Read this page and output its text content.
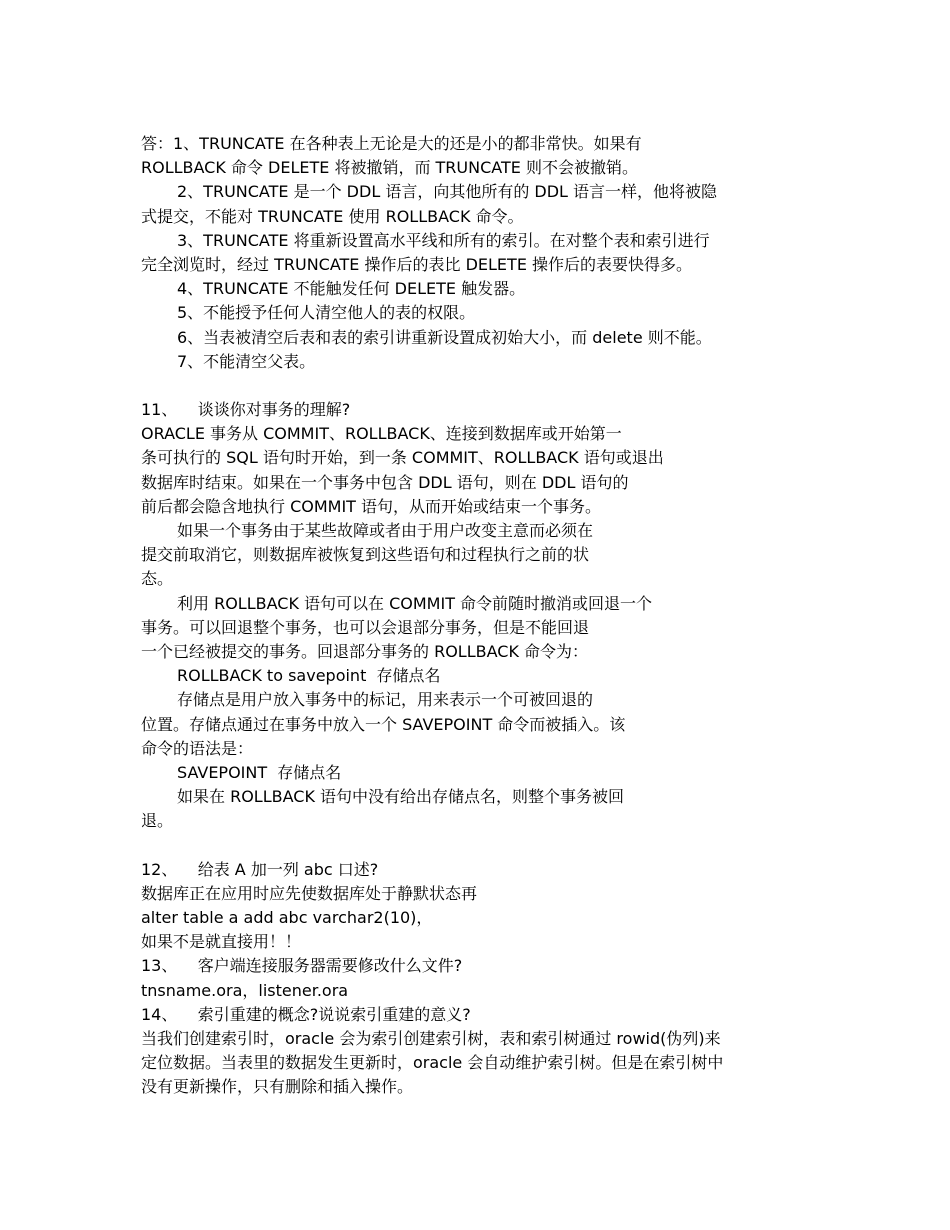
答：1、TRUNCATE 在各种表上无论是大的还是小的都非常快。如果有
ROLLBACK 命令 DELETE 将被撤销，而 TRUNCATE 则不会被撤销。
2、TRUNCATE 是一个 DDL 语言，向其他所有的 DDL 语言一样，他将被隐
式提交，不能对 TRUNCATE 使用 ROLLBACK 命令。
3、TRUNCATE 将重新设置高水平线和所有的索引。在对整个表和索引进行
完全浏览时，经过 TRUNCATE 操作后的表比 DELETE 操作后的表要快得多。
4、TRUNCATE 不能触发任何 DELETE 触发器。
5、不能授予任何人清空他人的表的权限。
6、当表被清空后表和表的索引讲重新设置成初始大小，而 delete 则不能。
7、不能清空父表。
11、    谈谈你对事务的理解?
ORACLE 事务从 COMMIT、ROLLBACK、连接到数据库或开始第一
条可执行的 SQL 语句时开始，到一条 COMMIT、ROLLBACK 语句或退出
数据库时结束。如果在一个事务中包含 DDL 语句，则在 DDL 语句的
前后都会隐含地执行 COMMIT 语句，从而开始或结束一个事务。
如果一个事务由于某些故障或者由于用户改变主意而必须在
提交前取消它，则数据库被恢复到这些语句和过程执行之前的状
态。
利用 ROLLBACK 语句可以在 COMMIT 命令前随时撤消或回退一个
事务。可以回退整个事务，也可以会退部分事务，但是不能回退
一个已经被提交的事务。回退部分事务的 ROLLBACK 命令为：
ROLLBACK to savepoint  存储点名
存储点是用户放入事务中的标记，用来表示一个可被回退的
位置。存储点通过在事务中放入一个 SAVEPOINT 命令而被插入。该
命令的语法是：
SAVEPOINT  存储点名
如果在 ROLLBACK 语句中没有给出存储点名，则整个事务被回
退。
12、    给表 A 加一列 abc 口述?
数据库正在应用时应先使数据库处于静默状态再
alter table a add abc varchar2(10)，
如果不是就直接用！！
13、    客户端连接服务器需要修改什么文件?
tnsname.ora，listener.ora
14、    索引重建的概念?说说索引重建的意义?
当我们创建索引时，oracle 会为索引创建索引树，表和索引树通过 rowid(伪列)来
定位数据。当表里的数据发生更新时，oracle 会自动维护索引树。但是在索引树中
没有更新操作，只有删除和插入操作。
